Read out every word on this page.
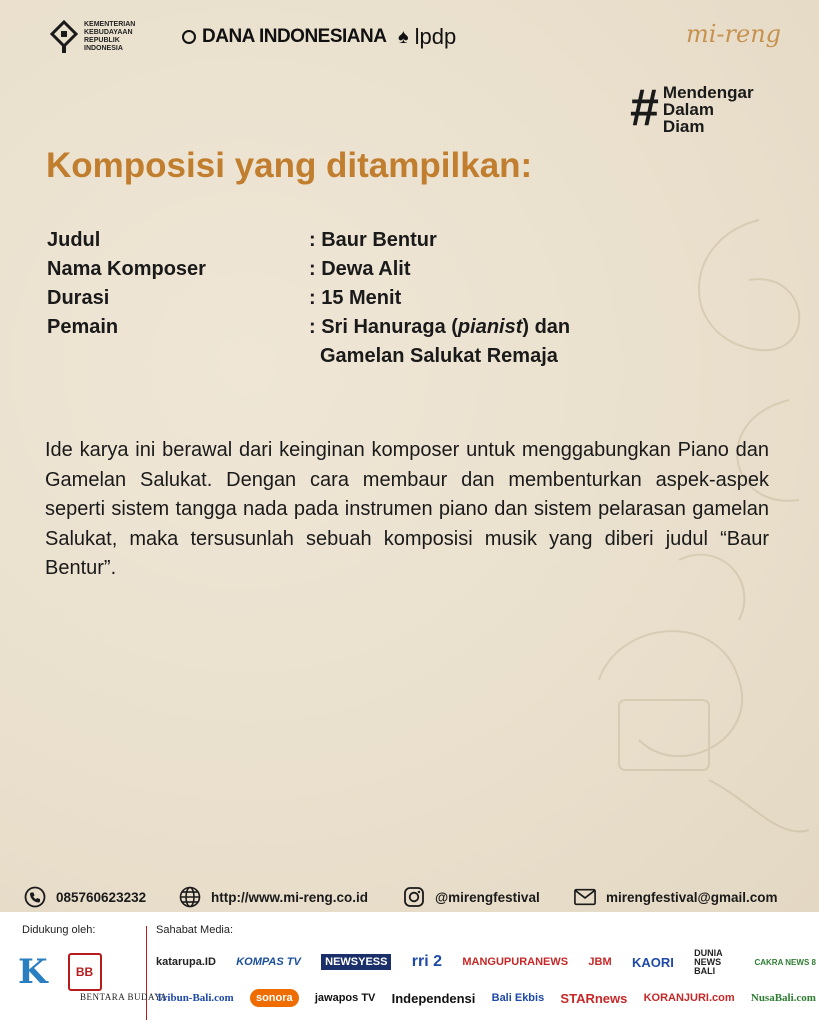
KEMENTERIAN KEBUDAYAAN REPUBLIK INDONESIA
DANA INDONESIANA ♠ lpdp	mi-reng
# Mendengar
Dalam
Diam
Komposisi yang ditampilkan:
Judul	: Baur Bentur
Nama Komposer	: Dewa Alit
Durasi	: 15 Menit
Pemain	: Sri Hanuraga (pianist) dan
Gamelan Salukat Remaja

Ide karya ini berawal dari keinginan komposer untuk menggabungkan Piano dan Gamelan Salukat. Dengan cara membaur dan membenturkan aspek-aspek seperti sistem tangga nada pada instrumen piano dan sistem pelarasan gamelan Salukat, maka tersusunlah sebuah komposisi musik yang diberi judul “Baur Bentur”.

085760623232	http://www.mi-reng.co.id	@mirengfestival	mirengfestival@gmail.com
Didukung oleh:	Sahabat Media:
K	BB
BENTARA BUDAYA
katarupa.ID KOMPAS TV	NEWSYESS rri 2 MANGUPURANEWS JBM KAORI
DUNIA NEWS BALI
CAKRA NEWS 8
Tribun-Bali.com	sonora	jawapos TV Independensi Bali Ekbis STARnews KORANJURI.com NusaBali.com
